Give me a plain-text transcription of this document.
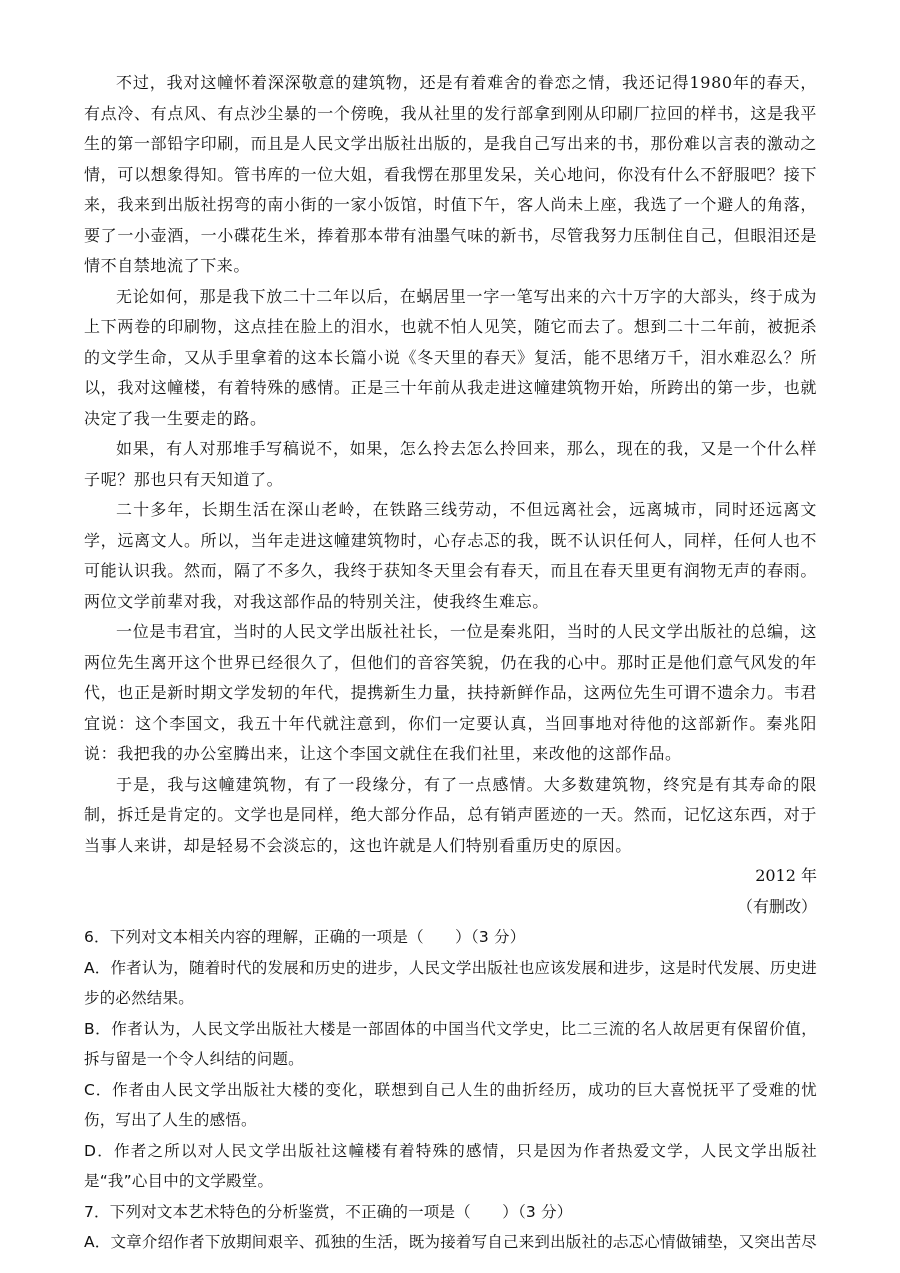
不过，我对这幢怀着深深敬意的建筑物，还是有着难舍的眷恋之情，我还记得1980年的春天，有点冷、有点风、有点沙尘暴的一个傍晚，我从社里的发行部拿到刚从印刷厂拉回的样书，这是我平生的第一部铅字印刷，而且是人民文学出版社出版的，是我自己写出来的书，那份难以言表的激动之情，可以想象得知。管书库的一位大姐，看我愣在那里发呆，关心地问，你没有什么不舒服吧？接下来，我来到出版社拐弯的南小街的一家小饭馆，时值下午，客人尚未上座，我选了一个避人的角落，要了一小壶酒，一小碟花生米，捧着那本带有油墨气味的新书，尽管我努力压制住自己，但眼泪还是情不自禁地流了下来。

无论如何，那是我下放二十二年以后，在蜗居里一字一笔写出来的六十万字的大部头，终于成为上下两卷的印刷物，这点挂在脸上的泪水，也就不怕人见笑，随它而去了。想到二十二年前，被扼杀的文学生命，又从手里拿着的这本长篇小说《冬天里的春天》复活，能不思绪万千，泪水难忍么？所以，我对这幢楼，有着特殊的感情。正是三十年前从我走进这幢建筑物开始，所跨出的第一步，也就决定了我一生要走的路。

如果，有人对那堆手写稿说不，如果，怎么拎去怎么拎回来，那么，现在的我，又是一个什么样子呢？那也只有天知道了。

二十多年，长期生活在深山老岭，在铁路三线劳动，不但远离社会，远离城市，同时还远离文学，远离文人。所以，当年走进这幢建筑物时，心存忐忑的我，既不认识任何人，同样，任何人也不可能认识我。然而，隔了不多久，我终于获知冬天里会有春天，而且在春天里更有润物无声的春雨。两位文学前辈对我，对我这部作品的特别关注，使我终生难忘。

一位是韦君宜，当时的人民文学出版社社长，一位是秦兆阳，当时的人民文学出版社的总编，这两位先生离开这个世界已经很久了，但他们的音容笑貌，仍在我的心中。那时正是他们意气风发的年代，也正是新时期文学发轫的年代，提携新生力量，扶持新鲜作品，这两位先生可谓不遗余力。韦君宜说：这个李国文，我五十年代就注意到，你们一定要认真，当回事地对待他的这部新作。秦兆阳说：我把我的办公室腾出来，让这个李国文就住在我们社里，来改他的这部作品。

于是，我与这幢建筑物，有了一段缘分，有了一点感情。大多数建筑物，终究是有其寿命的限制，拆迁是肯定的。文学也是同样，绝大部分作品，总有销声匿迹的一天。然而，记忆这东西，对于当事人来讲，却是轻易不会淡忘的，这也许就是人们特别看重历史的原因。

2012 年

（有删改）

6．下列对文本相关内容的理解，正确的一项是（　　）（3 分）

A．作者认为，随着时代的发展和历史的进步，人民文学出版社也应该发展和进步，这是时代发展、历史进步的必然结果。

B．作者认为，人民文学出版社大楼是一部固体的中国当代文学史，比二三流的名人故居更有保留价值，拆与留是一个令人纠结的问题。

C．作者由人民文学出版社大楼的变化，联想到自己人生的曲折经历，成功的巨大喜悦抚平了受难的忧伤，写出了人生的感悟。

D．作者之所以对人民文学出版社这幢楼有着特殊的感情，只是因为作者热爱文学，人民文学出版社是“我”心目中的文学殿堂。

7．下列对文本艺术特色的分析鉴赏，不正确的一项是（　　）（3 分）

A．文章介绍作者下放期间艰辛、孤独的生活，既为接着写自己来到出版社的忐忑心情做铺垫，又突出苦尽
